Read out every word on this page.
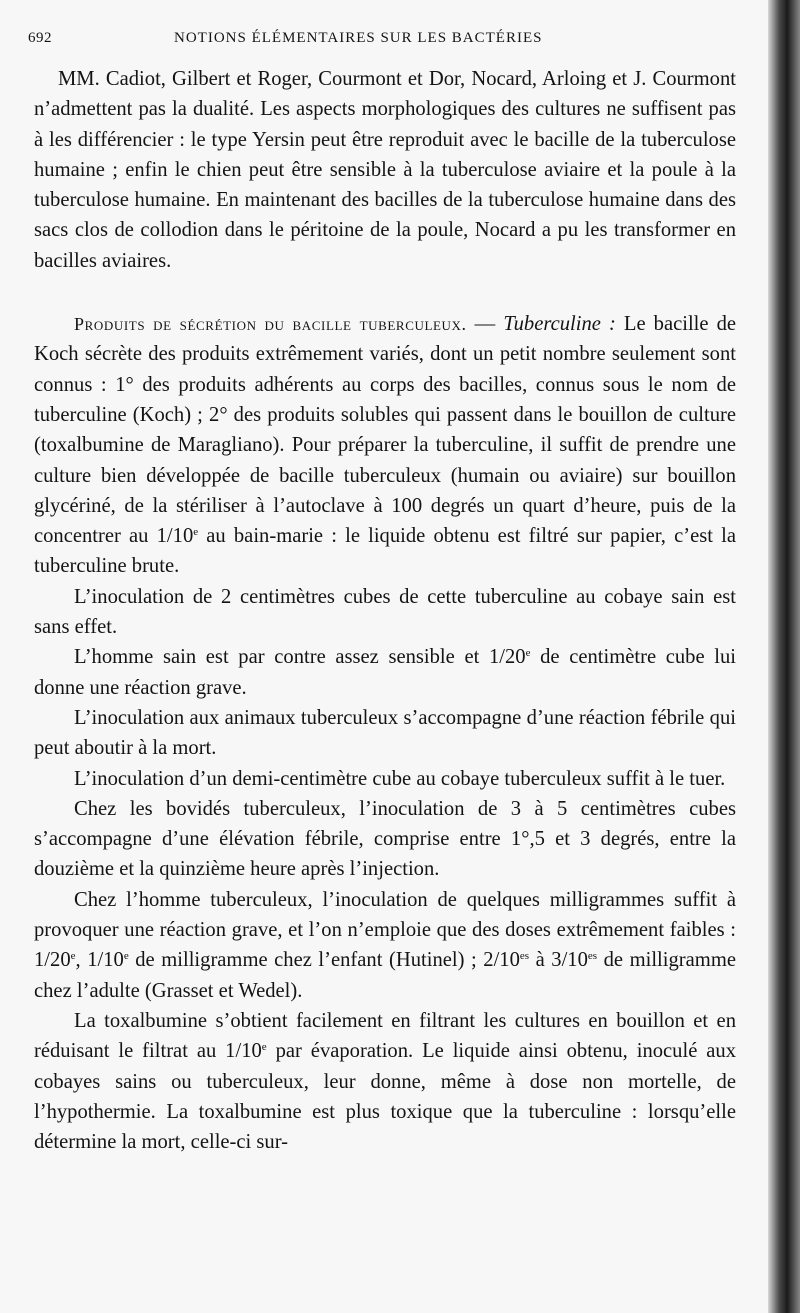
692	NOTIONS ÉLÉMENTAIRES SUR LES BACTÉRIES

MM. Cadiot, Gilbert et Roger, Courmont et Dor, Nocard, Arloing et J. Courmont n’admettent pas la dualité. Les aspects morphologiques des cultures ne suffisent pas à les différencier : le type Yersin peut être reproduit avec le bacille de la tuberculose humaine ; enfin le chien peut être sensible à la tuberculose aviaire et la poule à la tuberculose humaine. En maintenant des bacilles de la tuberculose humaine dans des sacs clos de collodion dans le péritoine de la poule, Nocard a pu les transformer en bacilles aviaires.

Produits de sécrétion du bacille tuberculeux. — Tuberculine : Le bacille de Koch sécrète des produits extrêmement variés, dont un petit nombre seulement sont connus : 1° des produits adhérents au corps des bacilles, connus sous le nom de tuberculine (Koch) ; 2° des produits solubles qui passent dans le bouillon de culture (toxalbumine de Maragliano). Pour préparer la tuberculine, il suffit de prendre une culture bien développée de bacille tuberculeux (humain ou aviaire) sur bouillon glycériné, de la stériliser à l’autoclave à 100 degrés un quart d’heure, puis de la concentrer au 1/10e au bain-marie : le liquide obtenu est filtré sur papier, c’est la tuberculine brute.

L’inoculation de 2 centimètres cubes de cette tuberculine au cobaye sain est sans effet.

L’homme sain est par contre assez sensible et 1/20e de centimètre cube lui donne une réaction grave.

L’inoculation aux animaux tuberculeux s’accompagne d’une réaction fébrile qui peut aboutir à la mort.

L’inoculation d’un demi-centimètre cube au cobaye tuberculeux suffit à le tuer.

Chez les bovidés tuberculeux, l’inoculation de 3 à 5 centimètres cubes s’accompagne d’une élévation fébrile, comprise entre 1°,5 et 3 degrés, entre la douzième et la quinzième heure après l’injection.

Chez l’homme tuberculeux, l’inoculation de quelques milligrammes suffit à provoquer une réaction grave, et l’on n’emploie que des doses extrêmement faibles : 1/20e, 1/10e de milligramme chez l’enfant (Hutinel) ; $2/10^{es}$ à $3/10^{es}$ de milligramme chez l’adulte (Grasset et Wedel).

La toxalbumine s’obtient facilement en filtrant les cultures en bouillon et en réduisant le filtrat au 1/10e par évaporation. Le liquide ainsi obtenu, inoculé aux cobayes sains ou tuberculeux, leur donne, même à dose non mortelle, de l’hypothermie. La toxalbumine est plus toxique que la tuberculine : lorsqu’elle détermine la mort, celle-ci sur-
